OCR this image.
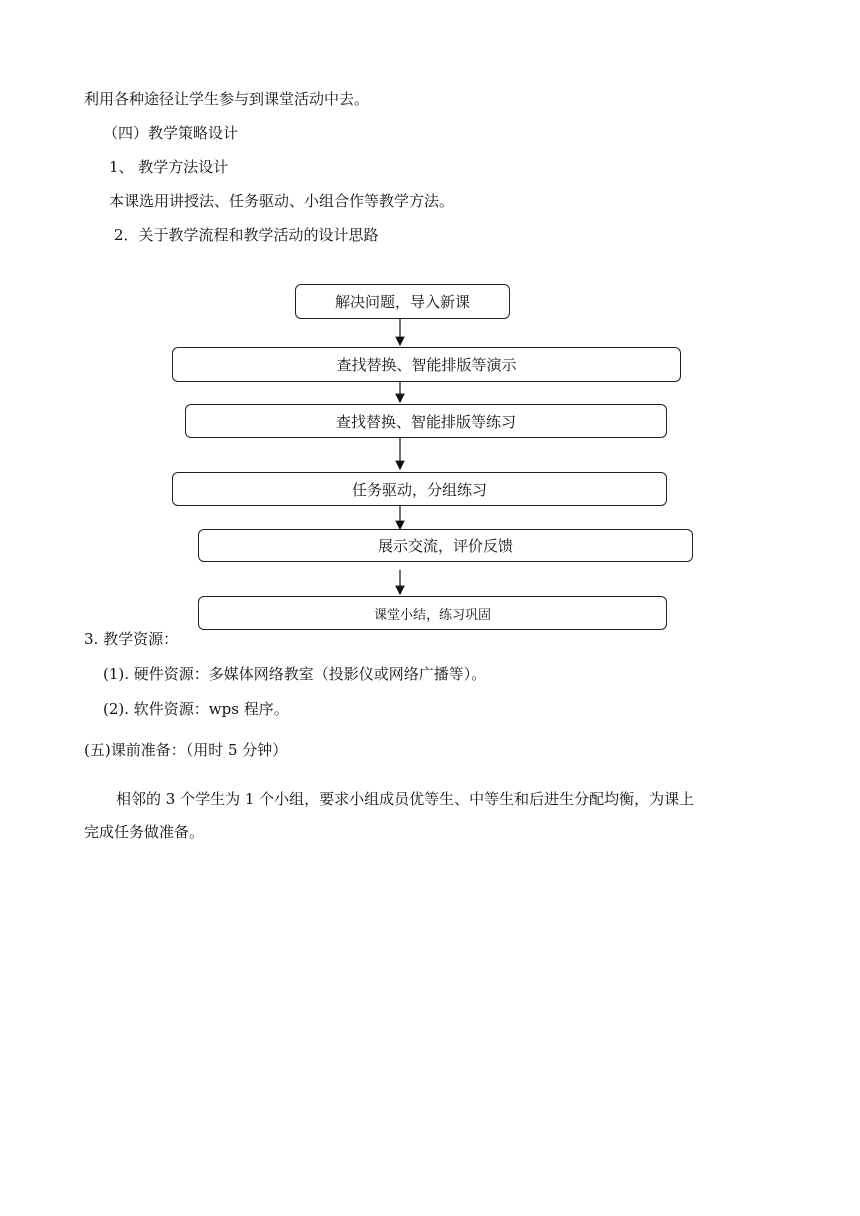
利用各种途径让学生参与到课堂活动中去。
（四）教学策略设计
1、 教学方法设计
本课选用讲授法、任务驱动、小组合作等教学方法。
2．关于教学流程和教学活动的设计思路
解决问题，导入新课
查找替换、智能排版等演示
查找替换、智能排版等练习
任务驱动，分组练习
展示交流，评价反馈
课堂小结，练习巩固
3. 教学资源：
(1). 硬件资源：多媒体网络教室（投影仪或网络广播等）。
(2). 软件资源：wps 程序。
(五)课前准备：（用时 5 分钟）
相邻的 3 个学生为 1 个小组，要求小组成员优等生、中等生和后进生分配均衡，为课上
完成任务做准备。
